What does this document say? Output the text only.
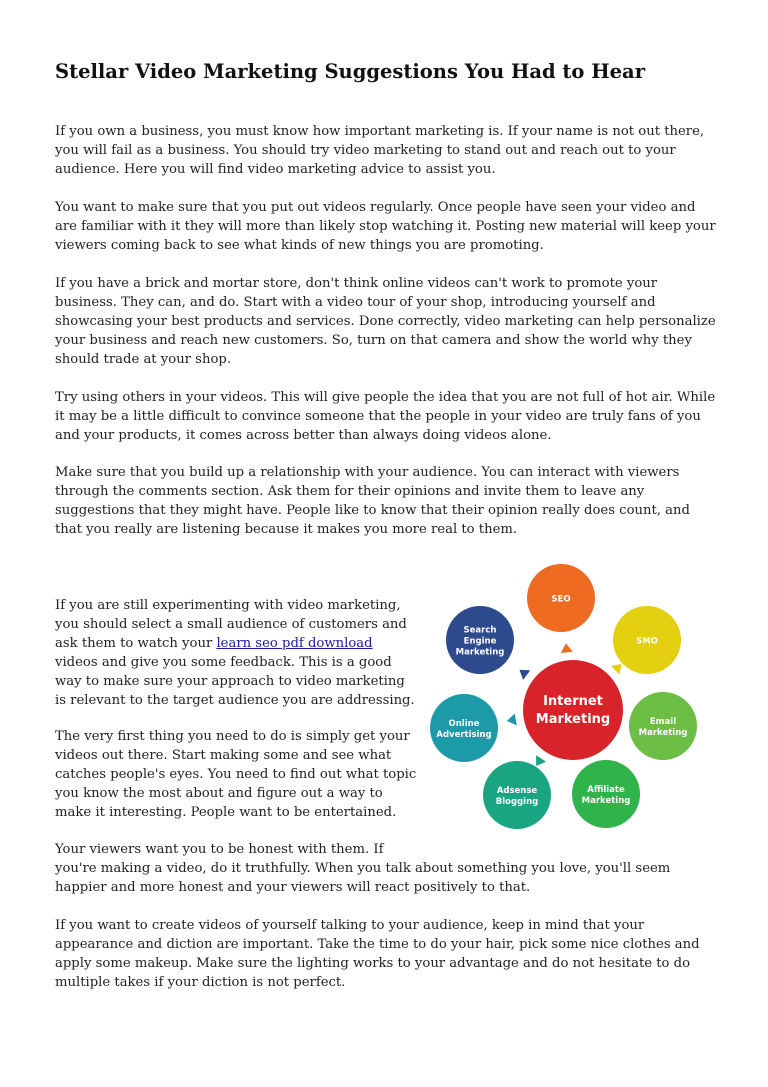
Stellar Video Marketing Suggestions You Had to Hear

If you own a business, you must know how important marketing is. If your name is not out there, you will fail as a business. You should try video marketing to stand out and reach out to your audience. Here you will find video marketing advice to assist you.

You want to make sure that you put out videos regularly. Once people have seen your video and are familiar with it they will more than likely stop watching it. Posting new material will keep your viewers coming back to see what kinds of new things you are promoting.

If you have a brick and mortar store, don't think online videos can't work to promote your business. They can, and do. Start with a video tour of your shop, introducing yourself and showcasing your best products and services. Done correctly, video marketing can help personalize your business and reach new customers. So, turn on that camera and show the world why they should trade at your shop.

Try using others in your videos. This will give people the idea that you are not full of hot air. While it may be a little difficult to convince someone that the people in your video are truly fans of you and your products, it comes across better than always doing videos alone.

Make sure that you build up a relationship with your audience. You can interact with viewers through the comments section. Ask them for their opinions and invite them to leave any suggestions that they might have. People like to know that their opinion really does count, and that you really are listening because it makes you more real to them.

If you are still experimenting with video marketing, you should select a small audience of customers and ask them to watch your learn seo pdf download videos and give you some feedback. This is a good way to make sure your approach to video marketing is relevant to the target audience you are addressing.

The very first thing you need to do is simply get your videos out there. Start making some and see what catches people's eyes. You need to find out what topic you know the most about and figure out a way to make it interesting. People want to be entertained.

Your viewers want you to be honest with them. If
you're making a video, do it truthfully. When you talk about something you love, you'll seem happier and more honest and your viewers will react positively to that.

If you want to create videos of yourself talking to your audience, keep in mind that your appearance and diction are important. Take the time to do your hair, pick some nice clothes and apply some makeup. Make sure the lighting works to your advantage and do not hesitate to do multiple takes if your diction is not perfect.

Internet
Marketing
SEO
SMO
Email
Marketing
Affiliate
Marketing
Adsense
Blogging
Online
Advertising
Search
Engine
Marketing
